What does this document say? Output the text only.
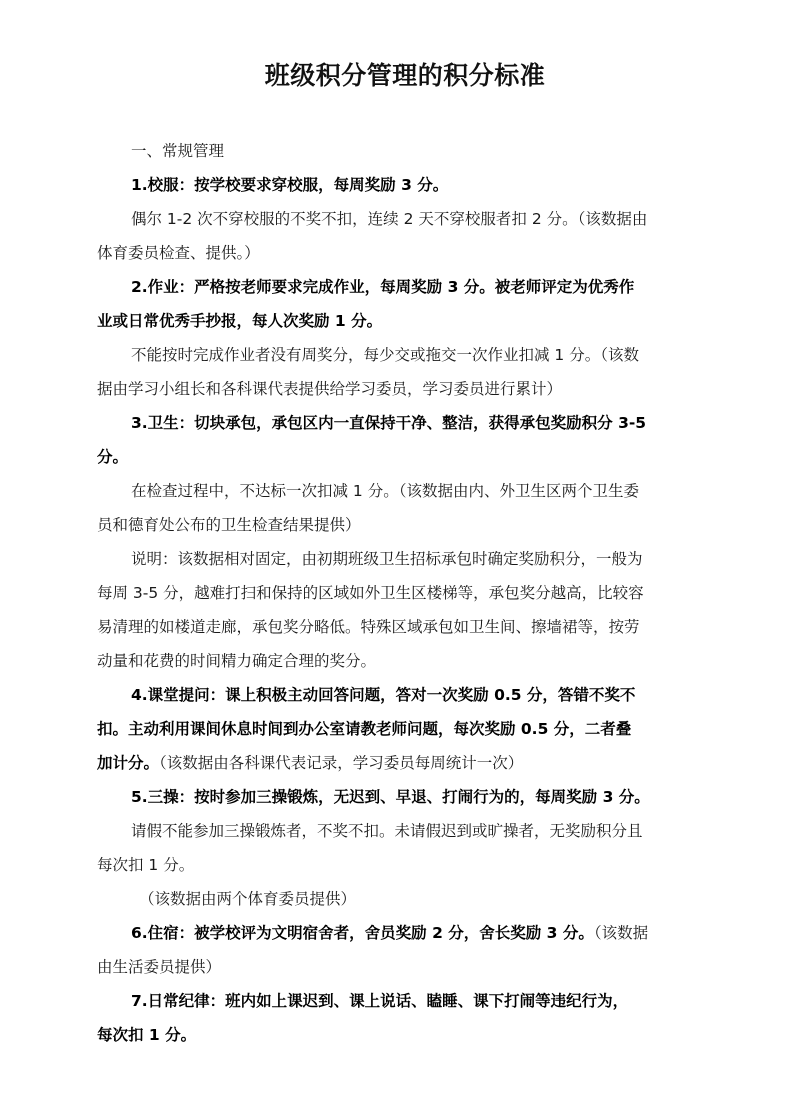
班级积分管理的积分标准
一、常规管理
1.校服：按学校要求穿校服，每周奖励 3 分。
偶尔 1-2 次不穿校服的不奖不扣，连续 2 天不穿校服者扣 2 分。（该数据由
体育委员检查、提供。）
2.作业：严格按老师要求完成作业，每周奖励 3 分。被老师评定为优秀作
业或日常优秀手抄报，每人次奖励 1 分。
不能按时完成作业者没有周奖分，每少交或拖交一次作业扣减 1 分。（该数
据由学习小组长和各科课代表提供给学习委员，学习委员进行累计）
3.卫生：切块承包，承包区内一直保持干净、整洁，获得承包奖励积分 3-5
分。
在检查过程中，不达标一次扣减 1 分。（该数据由内、外卫生区两个卫生委
员和德育处公布的卫生检查结果提供）
说明：该数据相对固定，由初期班级卫生招标承包时确定奖励积分，一般为
每周 3-5 分，越难打扫和保持的区域如外卫生区楼梯等，承包奖分越高，比较容
易清理的如楼道走廊，承包奖分略低。特殊区域承包如卫生间、擦墙裙等，按劳
动量和花费的时间精力确定合理的奖分。
4.课堂提问：课上积极主动回答问题，答对一次奖励 0.5 分，答错不奖不
扣。主动利用课间休息时间到办公室请教老师问题，每次奖励 0.5 分，二者叠
加计分。（该数据由各科课代表记录，学习委员每周统计一次）
5.三操：按时参加三操锻炼，无迟到、早退、打闹行为的，每周奖励 3 分。
请假不能参加三操锻炼者，不奖不扣。未请假迟到或旷操者，无奖励积分且
每次扣 1 分。
（该数据由两个体育委员提供）
6.住宿：被学校评为文明宿舍者，舍员奖励 2 分，舍长奖励 3 分。（该数据
由生活委员提供）
7.日常纪律：班内如上课迟到、课上说话、瞌睡、课下打闹等违纪行为，
每次扣 1 分。
